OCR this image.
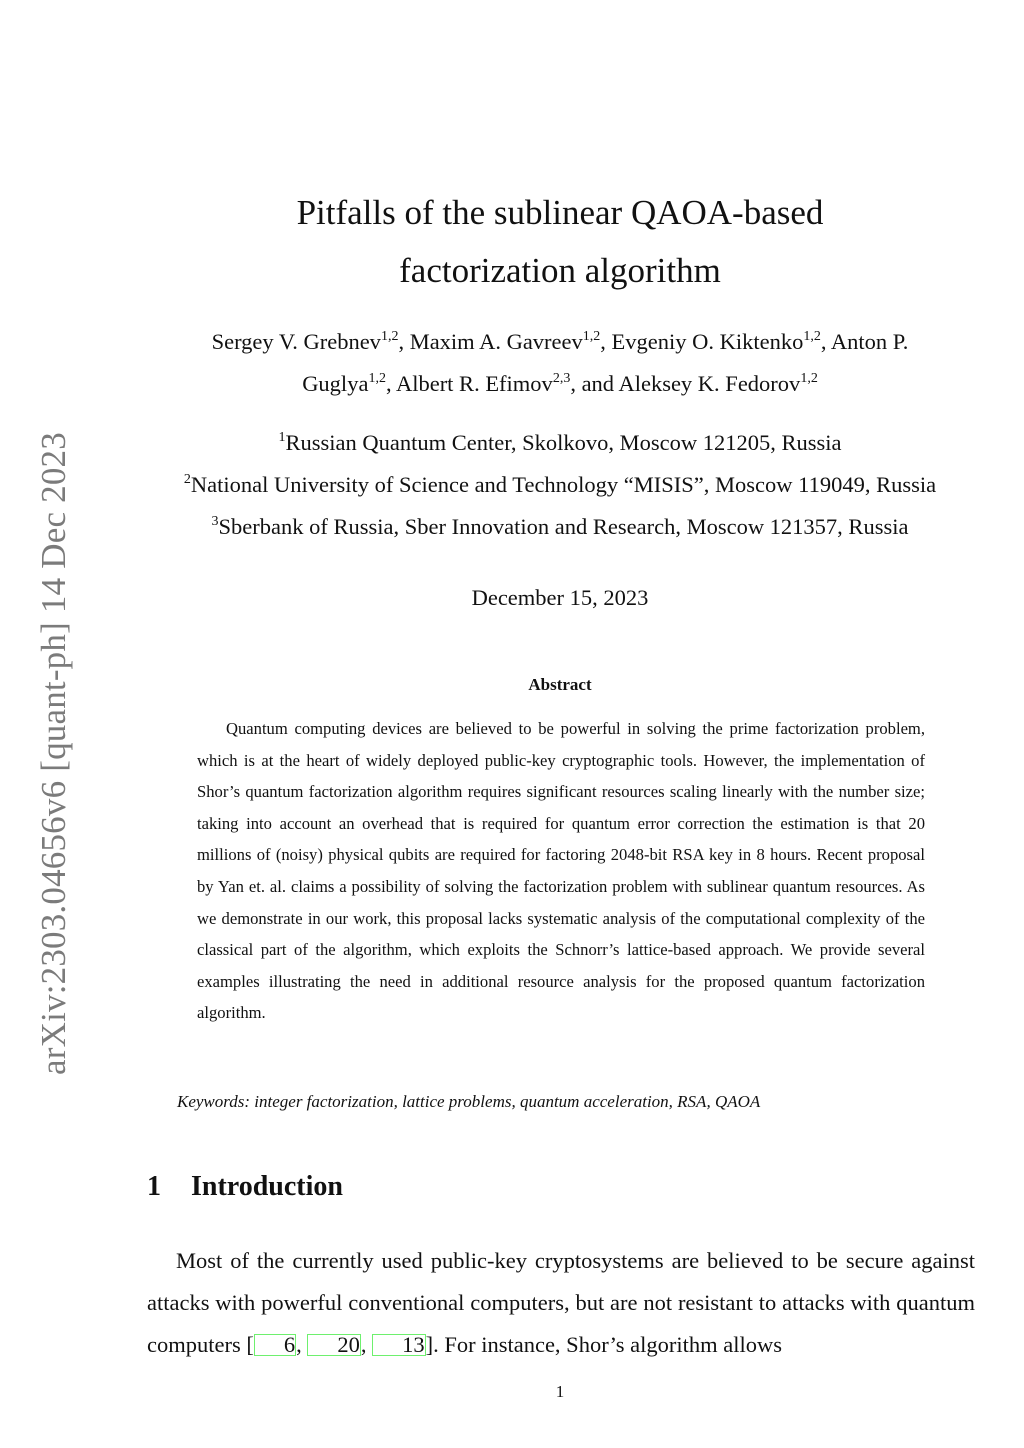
arXiv:2303.04656v6 [quant-ph] 14 Dec 2023
Pitfalls of the sublinear QAOA-based
factorization algorithm
Sergey V. Grebnev$^{1,2}$, Maxim A. Gavreev$^{1,2}$, Evgeniy O. Kiktenko$^{1,2}$, Anton P.
Guglya$^{1,2}$, Albert R. Efimov$^{2,3}$, and Aleksey K. Fedorov$^{1,2}$
$^1$Russian Quantum Center, Skolkovo, Moscow 121205, Russia
$^2$National University of Science and Technology “MISIS”, Moscow 119049, Russia
$^3$Sberbank of Russia, Sber Innovation and Research, Moscow 121357, Russia
December 15, 2023
Abstract
Quantum computing devices are believed to be powerful in solving the prime factorization problem, which is at the heart of widely deployed public-key cryptographic tools. However, the implementation of Shor’s quantum factorization algorithm requires significant resources scaling linearly with the number size; taking into account an overhead that is required for quantum error correction the estimation is that 20 millions of (noisy) physical qubits are required for factoring 2048-bit RSA key in 8 hours. Recent proposal by Yan et. al. claims a possibility of solving the factorization problem with sublinear quantum resources. As we demonstrate in our work, this proposal lacks systematic analysis of the computational complexity of the classical part of the algorithm, which exploits the Schnorr’s lattice-based approach. We provide several examples illustrating the need in additional resource analysis for the proposed quantum factorization algorithm.
Keywords: integer factorization, lattice problems, quantum acceleration, RSA, QAOA
1 Introduction
Most of the currently used public-key cryptosystems are believed to be secure against attacks with powerful conventional computers, but are not resistant to attacks with quantum computers [ 6, 20, 13]. For instance, Shor’s algorithm allows
1
